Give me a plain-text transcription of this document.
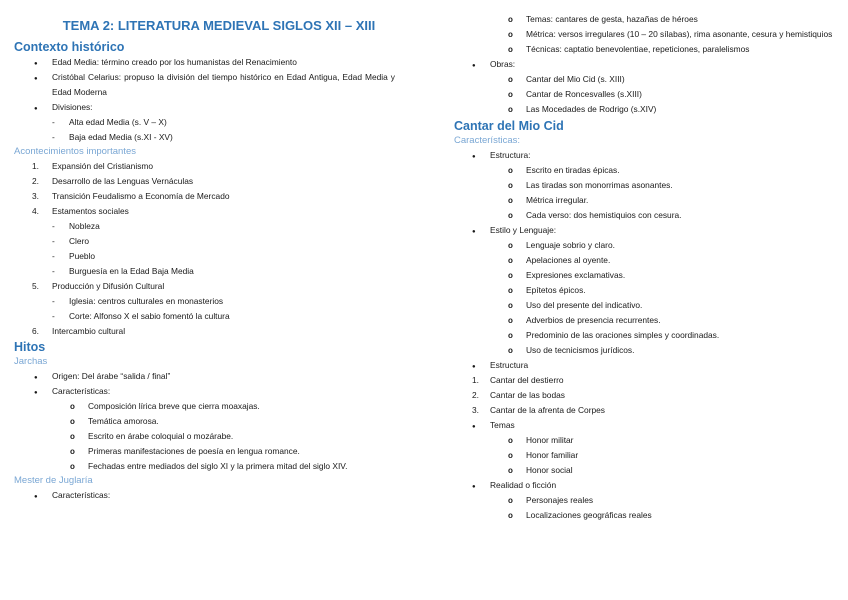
TEMA 2: LITERATURA MEDIEVAL SIGLOS XII – XIII
Contexto histórico
●
Edad Media: término creado por los humanistas del Renacimiento
●
Cristóbal Celarius: propuso la división del tiempo histórico en Edad Antigua, Edad Media y Edad Moderna
●
Divisiones:
- Alta edad Media (s. V – X)
- Baja edad Media (s.XI - XV)
Acontecimientos importantes
1. Expansión del Cristianismo
2. Desarrollo de las Lenguas Vernáculas
3. Transición Feudalismo a Economía de Mercado
4. Estamentos sociales
- Nobleza
- Clero
- Pueblo
- Burguesía en la Edad Baja Media
5. Producción y Difusión Cultural
- Iglesia: centros culturales en monasterios
- Corte: Alfonso X el sabio fomentó la cultura
6. Intercambio cultural
Hitos
Jarchas
●
Origen: Del árabe “salida / final”
●
Características:
o
Composición lírica breve que cierra moaxajas.
o
Temática amorosa.
o
Escrito en árabe coloquial o mozárabe.
o
Primeras manifestaciones de poesía en lengua romance.
o
Fechadas entre mediados del siglo XI y la primera mitad del siglo XIV.
Mester de Juglaría
●
Características:
o
Temas: cantares de gesta, hazañas de héroes
o
Métrica: versos irregulares (10 – 20 sílabas), rima asonante, cesura y hemistiquios
o
Técnicas: captatio benevolentiae, repeticiones, paralelismos
●
Obras:
o
Cantar del Mio Cid (s. XIII)
o
Cantar de Roncesvalles (s.XIII)
o
Las Mocedades de Rodrigo (s.XIV)
Cantar del Mio Cid
Características:
●
Estructura:
o
Escrito en tiradas épicas.
o
Las tiradas son monorrimas asonantes.
o
Métrica irregular.
o
Cada verso: dos hemistiquios con cesura.
●
Estilo y Lenguaje:
o
Lenguaje sobrio y claro.
o
Apelaciones al oyente.
o
Expresiones exclamativas.
o
Epítetos épicos.
o
Uso del presente del indicativo.
o
Adverbios de presencia recurrentes.
o
Predominio de las oraciones simples y coordinadas.
o
Uso de tecnicismos jurídicos.
●
Estructura
1. Cantar del destierro
2. Cantar de las bodas
3. Cantar de la afrenta de Corpes
●
Temas
o
Honor militar
o
Honor familiar
o
Honor social
●
Realidad o ficción
o
Personajes reales
o
Localizaciones geográficas reales
